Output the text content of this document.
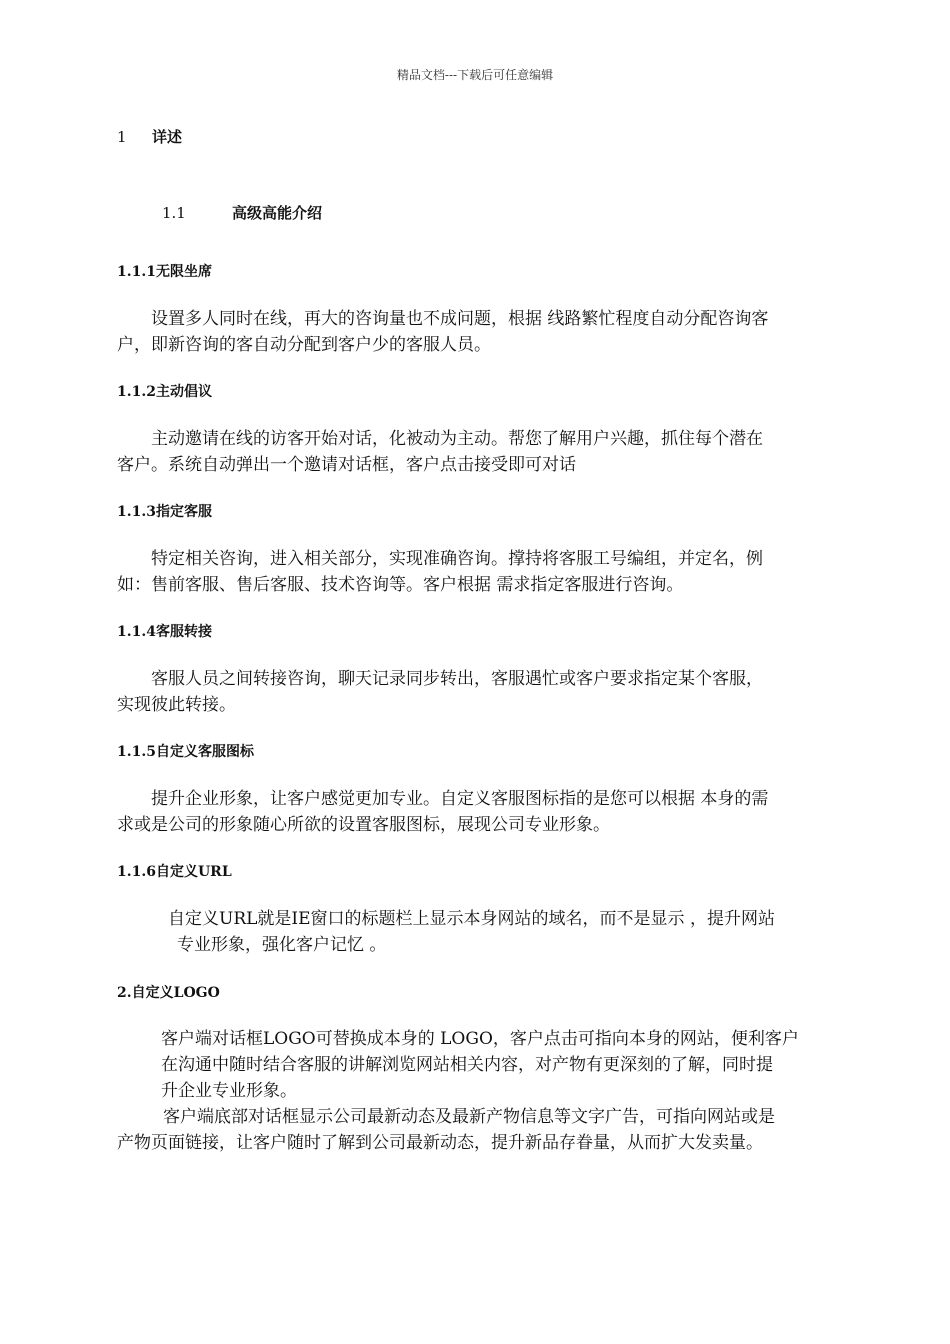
精品文档---下载后可任意编辑
1 详述
1.1	高级高能介绍
1.1.1无限坐席

设置多人同时在线，再大的咨询量也不成问题，根据 线路繁忙程度自动分配咨询客

户，即新咨询的客自动分配到客户少的客服人员。

1.1.2主动倡议

主动邀请在线的访客开始对话，化被动为主动。帮您了解用户兴趣，抓住每个潜在

客户。系统自动弹出一个邀请对话框，客户点击接受即可对话

1.1.3指定客服

特定相关咨询，进入相关部分，实现准确咨询。撑持将客服工号编组，并定名，例

如：售前客服、售后客服、技术咨询等。客户根据 需求指定客服进行咨询。

1.1.4客服转接

客服人员之间转接咨询，聊天记录同步转出，客服遇忙或客户要求指定某个客服，

实现彼此转接。

1.1.5自定义客服图标

提升企业形象，让客户感觉更加专业。自定义客服图标指的是您可以根据 本身的需

求或是公司的形象随心所欲的设置客服图标，展现公司专业形象。

1.1.6自定义URL

自定义URL就是IE窗口的标题栏上显示本身网站的域名，而不是显示 ，提升网站

专业形象，强化客户记忆 。

2.自定义LOGO

客户端对话框LOGO可替换成本身的 LOGO，客户点击可指向本身的网站，便利客户

在沟通中随时结合客服的讲解浏览网站相关内容，对产物有更深刻的了解，同时提

升企业专业形象。

客户端底部对话框显示公司最新动态及最新产物信息等文字广告，可指向网站或是

产物页面链接，让客户随时了解到公司最新动态，提升新品存眷量，从而扩大发卖量。
